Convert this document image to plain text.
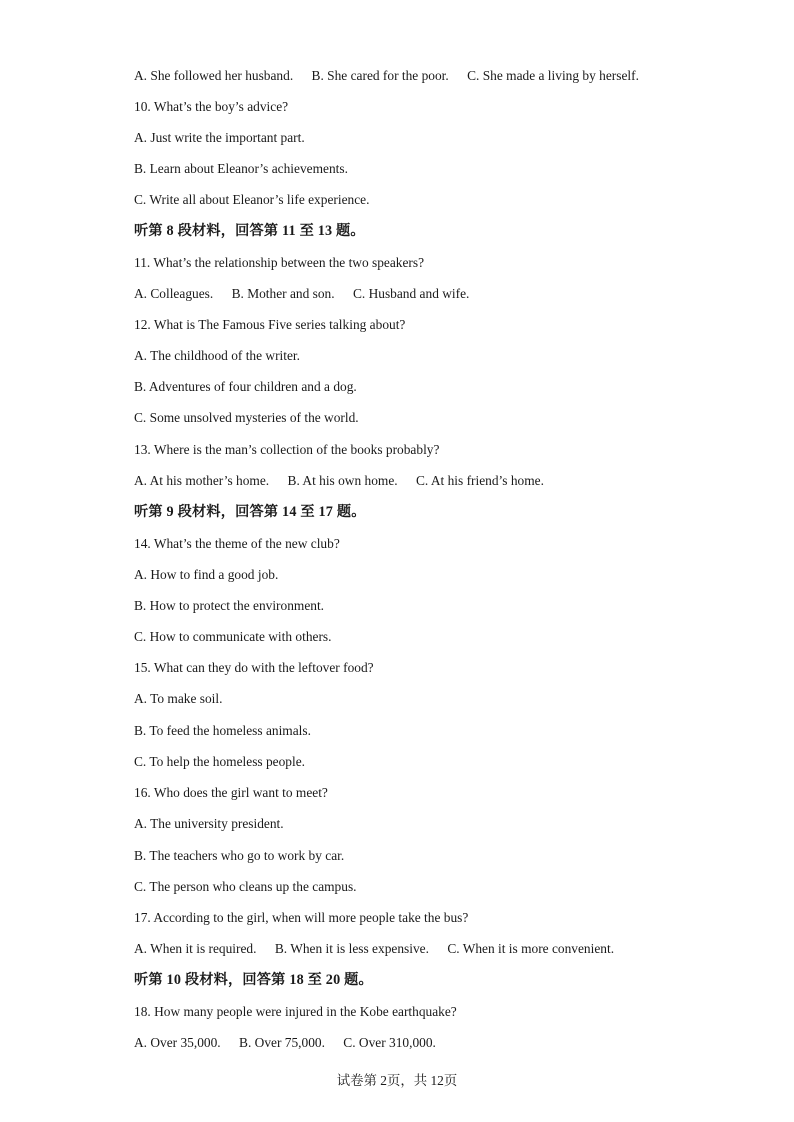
A. She followed her husband. B. She cared for the poor. C. She made a living by herself.
10. What’s the boy’s advice?
A. Just write the important part.
B. Learn about Eleanor’s achievements.
C. Write all about Eleanor’s life experience.
听第 8 段材料，回答第 11 至 13 题。
11. What’s the relationship between the two speakers?
A. Colleagues. B. Mother and son. C. Husband and wife.
12. What is The Famous Five series talking about?
A. The childhood of the writer.
B. Adventures of four children and a dog.
C. Some unsolved mysteries of the world.
13. Where is the man’s collection of the books probably?
A. At his mother’s home. B. At his own home. C. At his friend’s home.
听第 9 段材料，回答第 14 至 17 题。
14. What’s the theme of the new club?
A. How to find a good job.
B. How to protect the environment.
C. How to communicate with others.
15. What can they do with the leftover food?
A. To make soil.
B. To feed the homeless animals.
C. To help the homeless people.
16. Who does the girl want to meet?
A. The university president.
B. The teachers who go to work by car.
C. The person who cleans up the campus.
17. According to the girl, when will more people take the bus?
A. When it is required. B. When it is less expensive. C. When it is more convenient.
听第 10 段材料，回答第 18 至 20 题。
18. How many people were injured in the Kobe earthquake?
A. Over 35,000. B. Over 75,000. C. Over 310,000.
试卷第 2页，共 12页
